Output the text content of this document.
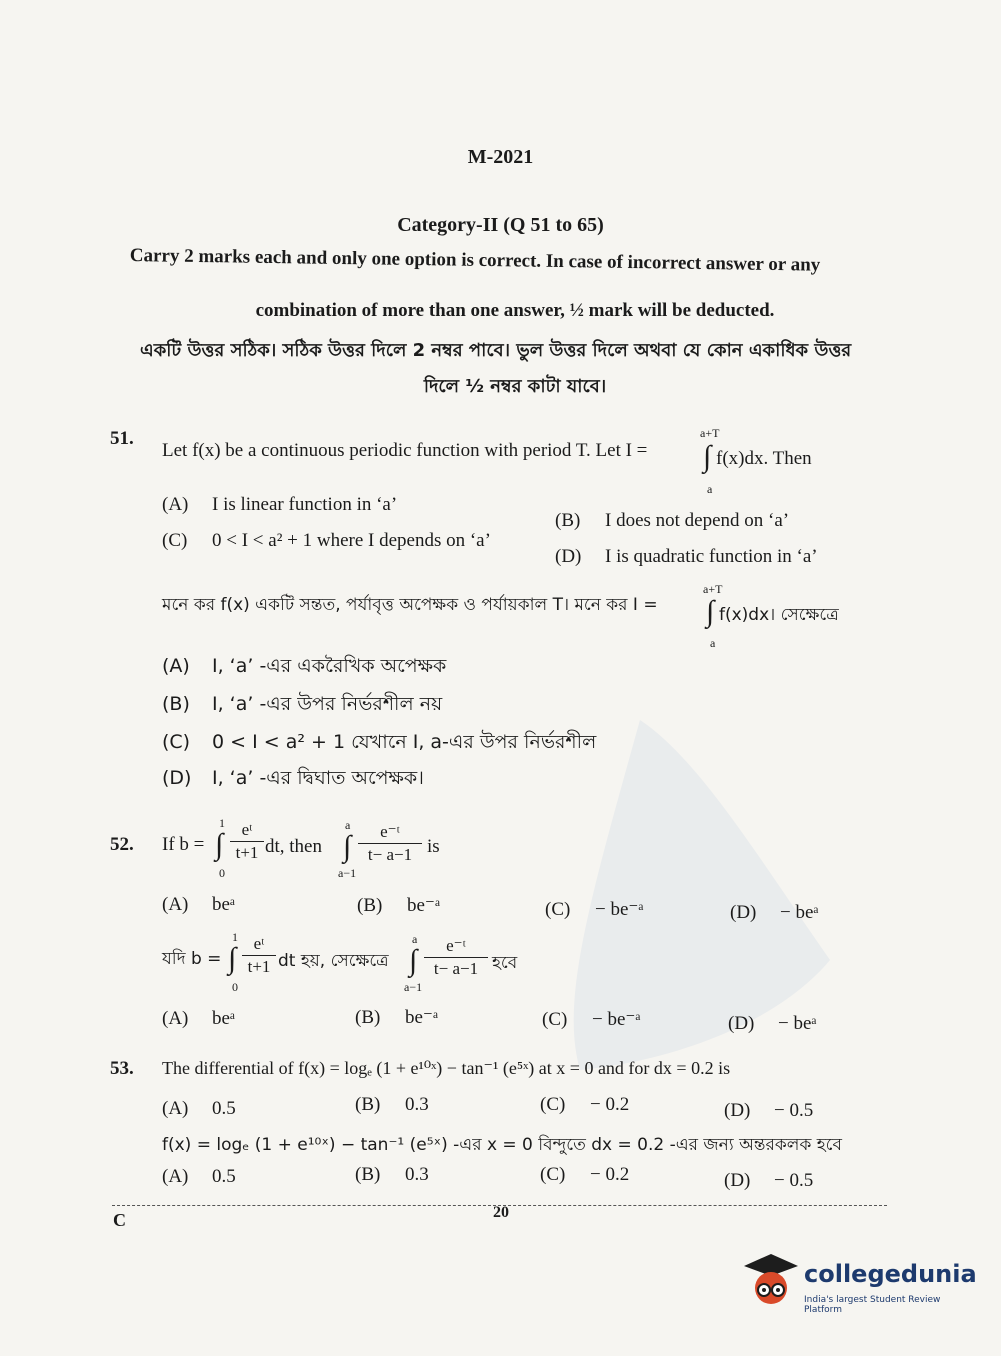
M-2021
Category-II (Q 51 to 65)
Carry 2 marks each and only one option is correct. In case of incorrect answer or any
combination of more than one answer, ½ mark will be deducted.
একটি উত্তর সঠিক। সঠিক উত্তর দিলে 2 নম্বর পাবে। ভুল উত্তর দিলে অথবা যে কোন একাধিক উত্তর
দিলে ½ নম্বর কাটা যাবে।
51.
Let f(x) be a continuous periodic function with period T. Let I =
a+T
∫
a
f(x)dx. Then
(A) I is linear function in ‘a’
(B) I does not depend on ‘a’
(C) 0 < I < a² + 1 where I depends on ‘a’
(D) I is quadratic function in ‘a’
মনে কর f(x) একটি সন্তত, পর্যাবৃত্ত অপেক্ষক ও পর্যায়কাল T। মনে কর I =
a+T
∫
a
f(x)dx। সেক্ষেত্রে
(A) I, ‘a’ -এর একরৈখিক অপেক্ষক
(B) I, ‘a’ -এর উপর নির্ভরশীল নয়
(C) 0 < I < a² + 1 যেখানে I, a-এর উপর নির্ভরশীল
(D) I, ‘a’ -এর দ্বিঘাত অপেক্ষক।
52. If b =
1
∫
0
eᵗ
t+1 dt, then
a
∫
a−1
e⁻ᵗ
t− a−1 is
(A) beᵃ	(B) be⁻ᵃ	(C) − be⁻ᵃ	(D) − beᵃ
যদি b =
1
∫
0
eᵗ
t+1 dt হয়, সেক্ষেত্রে
a
∫
a−1
e⁻ᵗ
t− a−1 হবে
(A) beᵃ	(B) be⁻ᵃ	(C) − be⁻ᵃ	(D) − beᵃ
53. The differential of f(x) = logₑ (1 + e¹⁰ˣ) − tan⁻¹ (e⁵ˣ) at x = 0 and for dx = 0.2 is
(A) 0.5	(B) 0.3	(C) − 0.2	(D) − 0.5
f(x) = logₑ (1 + e¹⁰ˣ) − tan⁻¹ (e⁵ˣ) -এর x = 0 বিন্দুতে dx = 0.2 -এর জন্য অন্তরকলক হবে
(A) 0.5	(B) 0.3	(C) − 0.2	(D) − 0.5
C	20
collegedunia
India's largest Student Review Platform
